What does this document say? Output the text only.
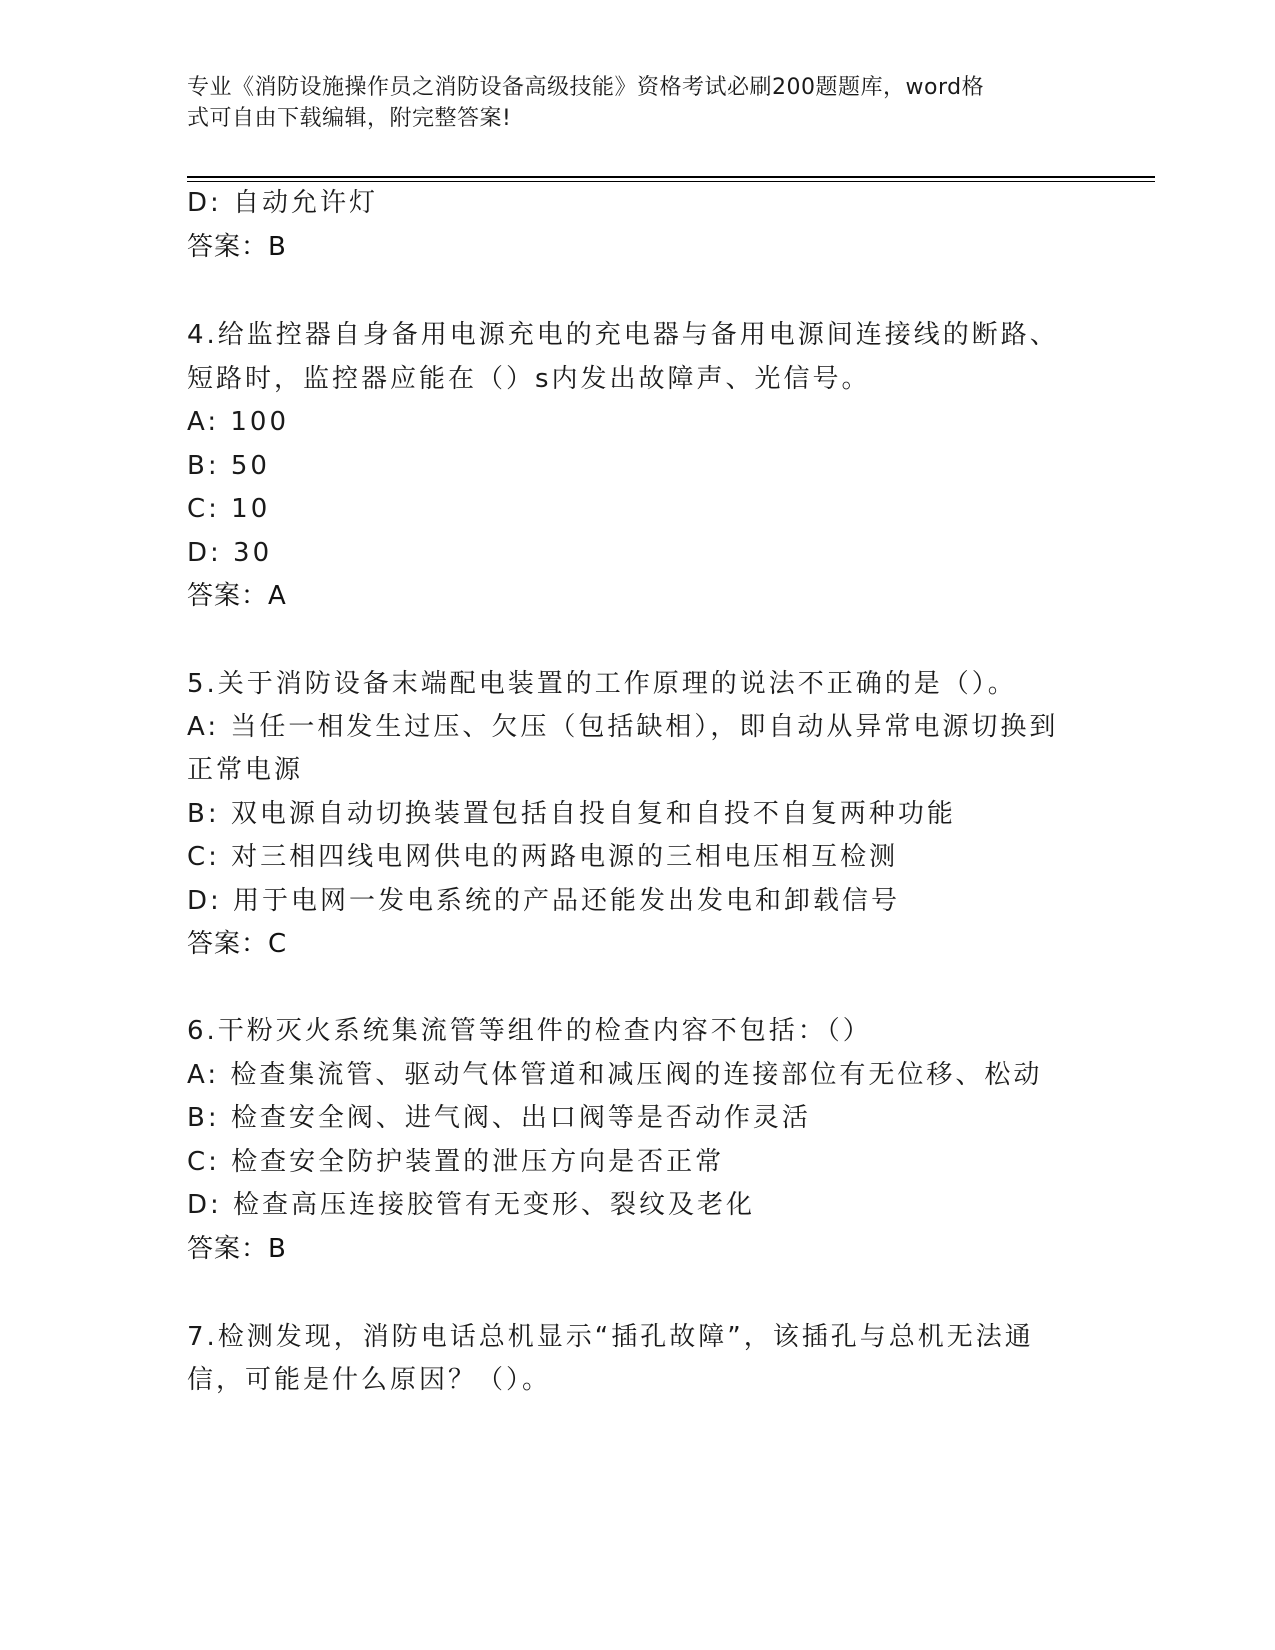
专业《消防设施操作员之消防设备高级技能》资格考试必刷200题题库，word格
式可自由下载编辑，附完整答案!
D: 自动允许灯
答案：B
4.给监控器自身备用电源充电的充电器与备用电源间连接线的断路、
短路时，监控器应能在（）s内发出故障声、光信号。
A: 100
B: 50
C: 10
D: 30
答案：A
5.关于消防设备末端配电装置的工作原理的说法不正确的是（）。
A: 当任一相发生过压、欠压（包括缺相），即自动从异常电源切换到
正常电源
B: 双电源自动切换装置包括自投自复和自投不自复两种功能
C: 对三相四线电网供电的两路电源的三相电压相互检测
D: 用于电网一发电系统的产品还能发出发电和卸载信号
答案：C
6.干粉灭火系统集流管等组件的检查内容不包括：（）
A: 检查集流管、驱动气体管道和减压阀的连接部位有无位移、松动
B: 检查安全阀、进气阀、出口阀等是否动作灵活
C: 检查安全防护装置的泄压方向是否正常
D: 检查高压连接胶管有无变形、裂纹及老化
答案：B
7.检测发现，消防电话总机显示“插孔故障”，该插孔与总机无法通
信，可能是什么原因？（）。
